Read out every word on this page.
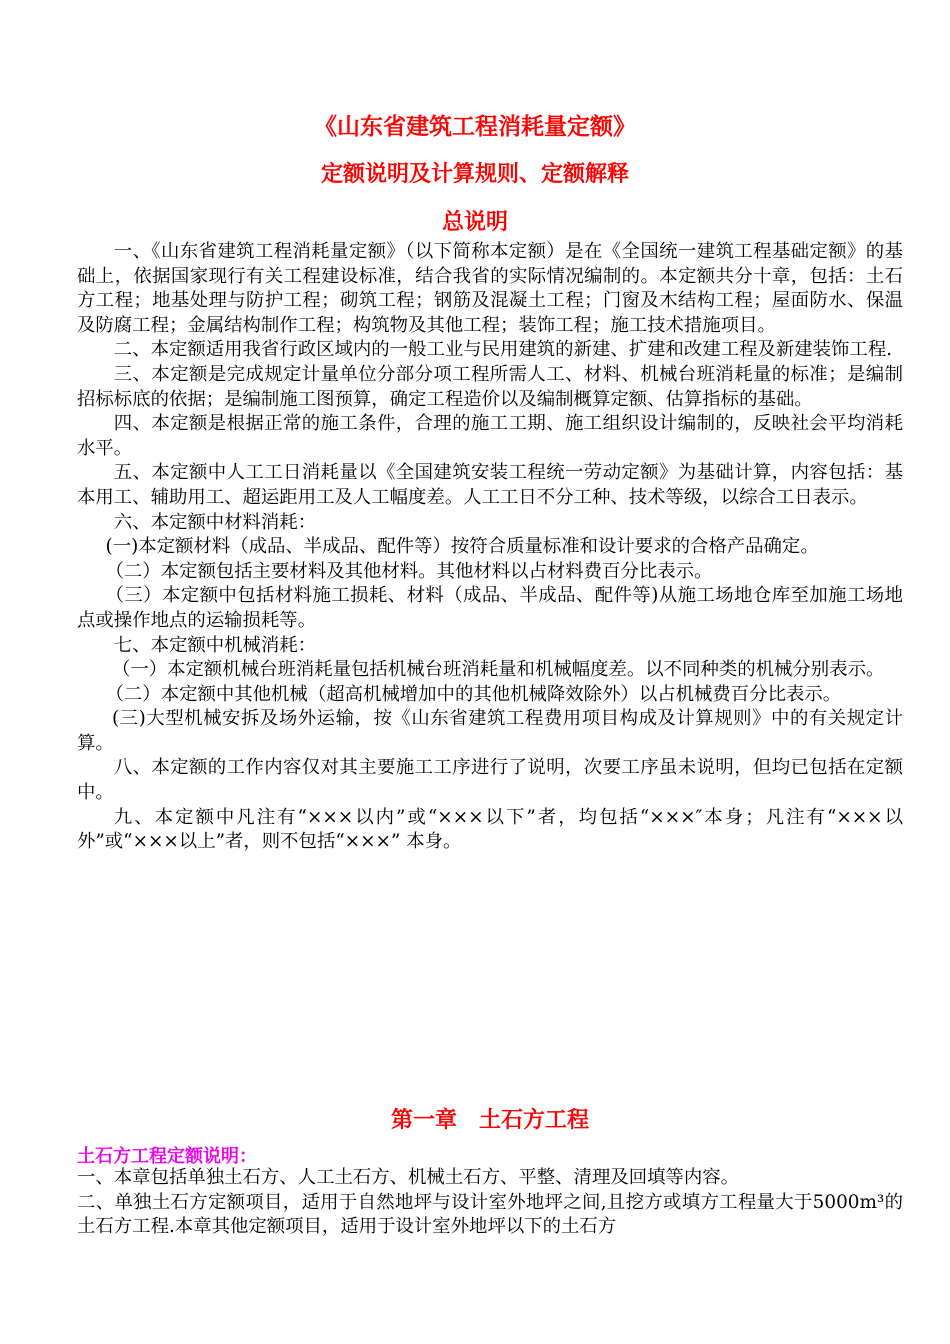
《山东省建筑工程消耗量定额》
定额说明及计算规则、定额解释
总说明

一、《山东省建筑工程消耗量定额》（以下简称本定额）是在《全国统一建筑工程基础定额》的基础上，依据国家现行有关工程建设标准，结合我省的实际情况编制的。本定额共分十章，包括：土石方工程；地基处理与防护工程；砌筑工程；钢筋及混凝土工程；门窗及木结构工程；屋面防水、保温及防腐工程；金属结构制作工程；构筑物及其他工程；装饰工程；施工技术措施项目。

二、本定额适用我省行政区域内的一般工业与民用建筑的新建、扩建和改建工程及新建装饰工程.

三、本定额是完成规定计量单位分部分项工程所需人工、材料、机械台班消耗量的标准；是编制招标标底的依据；是编制施工图预算，确定工程造价以及编制概算定额、估算指标的基础。

四、本定额是根据正常的施工条件，合理的施工工期、施工组织设计编制的，反映社会平均消耗水平。

五、本定额中人工工日消耗量以《全国建筑安装工程统一劳动定额》为基础计算，内容包括：基本用工、辅助用工、超运距用工及人工幅度差。人工工日不分工种、技术等级，以综合工日表示。

六、本定额中材料消耗：

(一)本定额材料（成品、半成品、配件等）按符合质量标准和设计要求的合格产品确定。

（二）本定额包括主要材料及其他材料。其他材料以占材料费百分比表示。

（三）本定额中包括材料施工损耗、材料（成品、半成品、配件等)从施工场地仓库至加施工场地点或操作地点的运输损耗等。

七、本定额中机械消耗：

（一）本定额机械台班消耗量包括机械台班消耗量和机械幅度差。以不同种类的机械分别表示。

（二）本定额中其他机械（超高机械增加中的其他机械降效除外）以占机械费百分比表示。

(三)大型机械安拆及场外运输，按《山东省建筑工程费用项目构成及计算规则》中的有关规定计算。

八、本定额的工作内容仅对其主要施工工序进行了说明，次要工序虽未说明，但均已包括在定额中。

九、本定额中凡注有“×××以内”或“×××以下”者，均包括“×××″本身；凡注有“×××以外”或“×××以上”者，则不包括“×××” 本身。

第一章　土石方工程
土石方工程定额说明：

一、本章包括单独土石方、人工土石方、机械土石方、平整、清理及回填等内容。

二、单独土石方定额项目，适用于自然地坪与设计室外地坪之间,且挖方或填方工程量大于5000m³的土石方工程.本章其他定额项目，适用于设计室外地坪以下的土石方
